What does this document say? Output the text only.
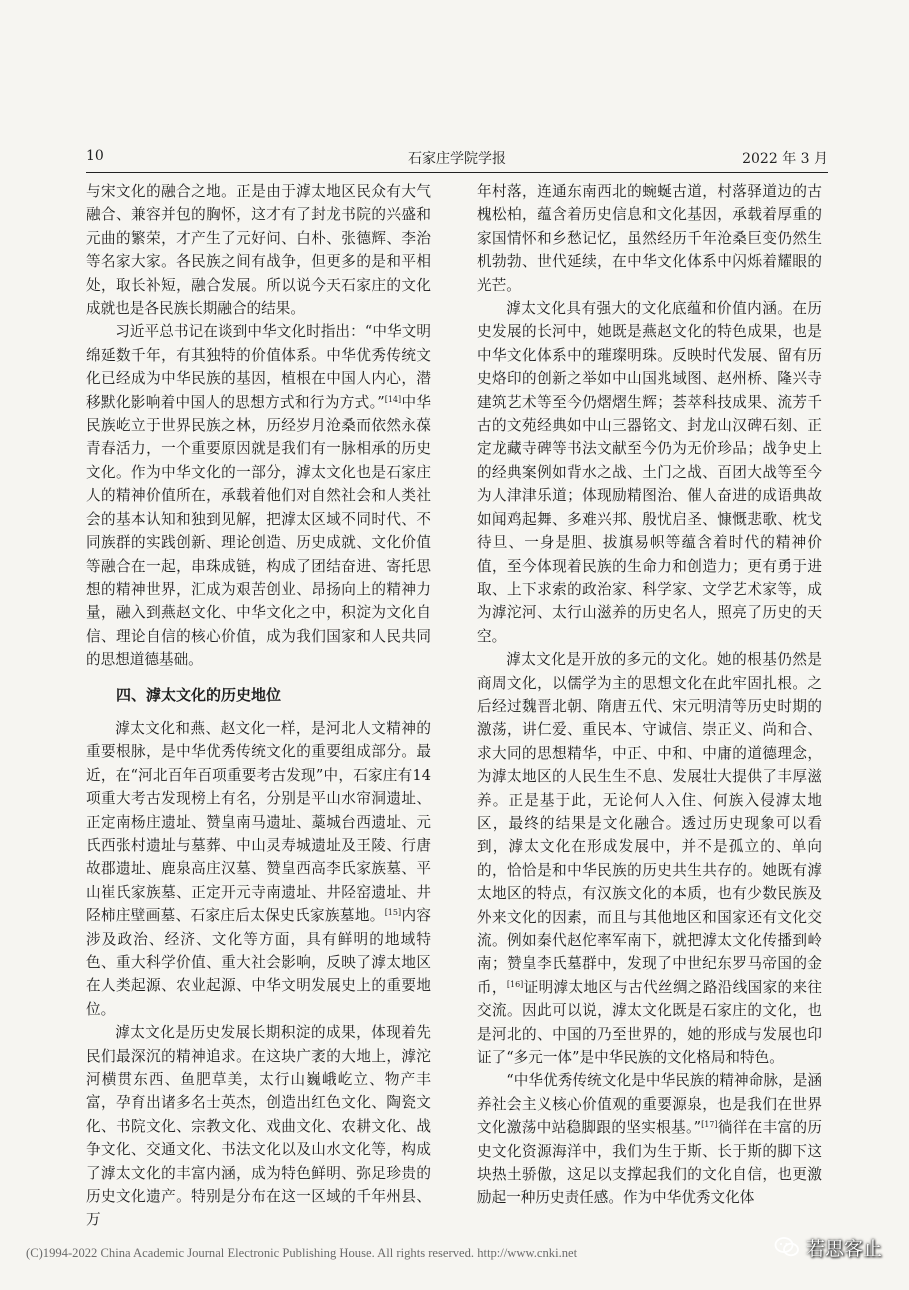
10	石家庄学院学报	2022 年 3 月

与宋文化的融合之地。正是由于滹太地区民众有大气融合、兼容并包的胸怀，这才有了封龙书院的兴盛和元曲的繁荣，才产生了元好问、白朴、张德辉、李治等名家大家。各民族之间有战争，但更多的是和平相处，取长补短，融合发展。所以说今天石家庄的文化成就也是各民族长期融合的结果。

习近平总书记在谈到中华文化时指出：“中华文明绵延数千年，有其独特的价值体系。中华优秀传统文化已经成为中华民族的基因，植根在中国人内心，潜移默化影响着中国人的思想方式和行为方式。”[14]中华民族屹立于世界民族之林，历经岁月沧桑而依然永葆青春活力，一个重要原因就是我们有一脉相承的历史文化。作为中华文化的一部分，滹太文化也是石家庄人的精神价值所在，承载着他们对自然社会和人类社会的基本认知和独到见解，把滹太区域不同时代、不同族群的实践创新、理论创造、历史成就、文化价值等融合在一起，串珠成链，构成了团结奋进、寄托思想的精神世界，汇成为艰苦创业、昂扬向上的精神力量，融入到燕赵文化、中华文化之中，积淀为文化自信、理论自信的核心价值，成为我们国家和人民共同的思想道德基础。

四、滹太文化的历史地位

滹太文化和燕、赵文化一样，是河北人文精神的重要根脉，是中华优秀传统文化的重要组成部分。最近，在“河北百年百项重要考古发现”中，石家庄有14 项重大考古发现榜上有名，分别是平山水帘洞遗址、正定南杨庄遗址、赞皇南马遗址、藁城台西遗址、元氏西张村遗址与墓葬、中山灵寿城遗址及王陵、行唐故郡遗址、鹿泉高庄汉墓、赞皇西高李氏家族墓、平山崔氏家族墓、正定开元寺南遗址、井陉窑遗址、井陉柿庄壁画墓、石家庄后太保史氏家族墓地。[15]内容涉及政治、经济、文化等方面，具有鲜明的地域特色、重大科学价值、重大社会影响，反映了滹太地区在人类起源、农业起源、中华文明发展史上的重要地位。

滹太文化是历史发展长期积淀的成果，体现着先民们最深沉的精神追求。在这块广袤的大地上，滹沱河横贯东西、鱼肥草美，太行山巍峨屹立、物产丰富，孕育出诸多名士英杰，创造出红色文化、陶瓷文化、书院文化、宗教文化、戏曲文化、农耕文化、战争文化、交通文化、书法文化以及山水文化等，构成了滹太文化的丰富内涵，成为特色鲜明、弥足珍贵的历史文化遗产。特别是分布在这一区域的千年州县、万

年村落，连通东南西北的蜿蜒古道，村落驿道边的古槐松柏，蕴含着历史信息和文化基因，承载着厚重的家国情怀和乡愁记忆，虽然经历千年沧桑巨变仍然生机勃勃、世代延续，在中华文化体系中闪烁着耀眼的光芒。

滹太文化具有强大的文化底蕴和价值内涵。在历史发展的长河中，她既是燕赵文化的特色成果，也是中华文化体系中的璀璨明珠。反映时代发展、留有历史烙印的创新之举如中山国兆域图、赵州桥、隆兴寺建筑艺术等至今仍熠熠生辉；荟萃科技成果、流芳千古的文苑经典如中山三器铭文、封龙山汉碑石刻、正定龙藏寺碑等书法文献至今仍为无价珍品；战争史上的经典案例如背水之战、土门之战、百团大战等至今为人津津乐道；体现励精图治、催人奋进的成语典故如闻鸡起舞、多难兴邦、殷忧启圣、慷慨悲歌、枕戈待旦、一身是胆、拔旗易帜等蕴含着时代的精神价值，至今体现着民族的生命力和创造力；更有勇于进取、上下求索的政治家、科学家、文学艺术家等，成为滹沱河、太行山滋养的历史名人，照亮了历史的天空。

滹太文化是开放的多元的文化。她的根基仍然是商周文化，以儒学为主的思想文化在此牢固扎根。之后经过魏晋北朝、隋唐五代、宋元明清等历史时期的激荡，讲仁爱、重民本、守诚信、崇正义、尚和合、求大同的思想精华，中正、中和、中庸的道德理念，为滹太地区的人民生生不息、发展壮大提供了丰厚滋养。正是基于此，无论何人入住、何族入侵滹太地区，最终的结果是文化融合。透过历史现象可以看到，滹太文化在形成发展中，并不是孤立的、单向的，恰恰是和中华民族的历史共生共存的。她既有滹太地区的特点，有汉族文化的本质，也有少数民族及外来文化的因素，而且与其他地区和国家还有文化交流。例如秦代赵佗率军南下，就把滹太文化传播到岭南；赞皇李氏墓群中，发现了中世纪东罗马帝国的金币，[16]证明滹太地区与古代丝绸之路沿线国家的来往交流。因此可以说，滹太文化既是石家庄的文化，也是河北的、中国的乃至世界的，她的形成与发展也印证了“多元一体”是中华民族的文化格局和特色。

“中华优秀传统文化是中华民族的精神命脉，是涵养社会主义核心价值观的重要源泉，也是我们在世界文化激荡中站稳脚跟的坚实根基。”[17]徜徉在丰富的历史文化资源海洋中，我们为生于斯、长于斯的脚下这块热土骄傲，这足以支撑起我们的文化自信，也更激励起一种历史责任感。作为中华优秀文化体

(C)1994-2022 China Academic Journal Electronic Publishing House. All rights reserved. http://www.cnki.net	若思客止
